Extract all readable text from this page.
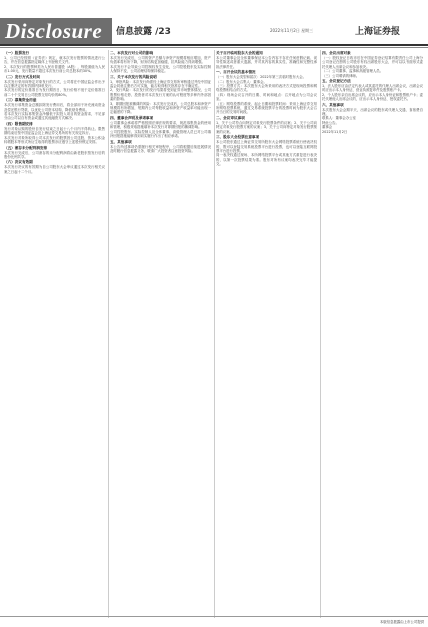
Disclosure	信息披露 /23	2022年11月2日 星期三	上海证券报

（一）股票发行

1、公司已经按照《证券法》规定，就本次发行股票的情况进行公告，并在信息披露指定媒体上刊登相关文件。

2、本次发行的股票种类为人民币普通股（A股），每股面值为人民币1.00元，发行数量不超过本次发行前公司总股本的30%。

（二）发行方式及时间

本次发行采用向特定对象发行的方式，公司将在中国证监会作出予以注册决定的有效期内择机发行。

本次发行的定价基准日为发行期首日，发行价格不低于定价基准日前二十个交易日公司股票交易均价的80%。

（三）募集资金用途

本次发行募集资金总额扣除发行费用后，将全部用于补充流动资金及偿还银行贷款，以优化公司资本结构，降低财务费用。

若本次发行实际募集资金净额低于拟投入项目的资金需求，不足部分由公司以自有资金或通过其他融资方式解决。

（四）限售期安排

发行对象认购的股份自发行结束之日起十八个月内不得转让。限售期结束后按中国证监会及上海证券交易所的有关规定执行。

本次发行对象所取得公司本次发行的股票因公司送股、资本公积金转增股本等形式所衍生取得的股票亦应遵守上述股份锁定安排。

（五）滚存未分配利润安排

本次发行完成后，公司滚存的未分配利润将由新老股东按发行后的股份比例共享。

（六）决议有效期

本次发行决议的有效期为自公司股东大会审议通过本次发行相关议案之日起十二个月。

二、本次发行对公司的影响

本次发行完成后，公司的资产总额与净资产规模将相应增加，资产负债率将有所下降，财务结构更加稳健，抗风险能力得到增强。

本次发行不会导致公司控制权发生变化，公司控股股东及实际控制人保持不变，公司治理结构保持稳定。

三、关于本次发行的风险说明

1、审批风险：本次发行尚需经上海证券交易所审核通过并经中国证监会同意注册后方可实施，能否取得相关批准存在不确定性。

2、发行风险：本次发行的发行结果将受到证券市场整体情况、公司股票价格走势、投资者对本次发行方案的认可程度等多种内外部因素的影响。

3、即期回报被摊薄的风险：本次发行完成后，公司总股本和净资产规模将有所增加，短期内公司每股收益和净资产收益率可能出现一定幅度的下降。

四、董事会声明及承诺事项

公司董事会承诺将严格按照法律法规的要求，规范募集资金的使用和管理，积极采取措施填补本次发行对即期回报的摊薄影响。

公司控股股东、实际控制人及全体董事、高级管理人员已对公司填补回报措施能够得到切实履行作出了相应承诺。

五、其他事项

本公告所述事项仍需履行相关审批程序，公司将根据后续进展情况及时履行信息披露义务，敬请广大投资者注意投资风险。

关于召开临时股东大会的通知

本公司董事会及全体董事保证本公告内容不存在任何虚假记载、误导性陈述或者重大遗漏，并对其内容的真实性、准确性和完整性承担法律责任。

一、召开会议的基本情况

（一）股东大会类型和届次：2022年第三次临时股东大会。

（二）股东大会召集人：董事会。

（三）投票方式：本次股东大会所采用的表决方式是现场投票和网络投票相结合的方式。

（四）现场会议召开的日期、时间和地点：召开地点为公司会议室。

（五）网络投票的系统、起止日期和投票时间：采用上海证券交易所网络投票系统，通过交易系统投票平台的投票时间为股东大会召开当日的交易时间段。

二、会议审议事项

1、关于公司符合向特定对象发行股票条件的议案；2、关于公司向特定对象发行股票方案的议案；3、关于公司向特定对象发行股票预案的议案。

三、股东大会投票注意事项

本公司股东通过上海证券交易所股东大会网络投票系统行使表决权的，既可以登陆交易系统投票平台进行投票，也可以登陆互联网投票平台进行投票。

同一表决权通过现场、本所网络投票平台或其他方式重复进行表决的，以第一次投票结果为准。股东对所有议案均表决完毕才能提交。

四、会议出席对象

（一）股权登记日收市后在中国证券登记结算有限责任公司上海分公司登记在册的公司股东有权出席股东大会，并可以以书面形式委托代理人出席会议和参加表决。

（二）公司董事、监事和高级管理人员。

（三）公司聘请的律师。

五、会议登记方法

1、法人股东应由法定代表人或其委托的代理人出席会议，出席会议时应出示本人身份证、营业执照复印件及股票账户卡。

2、个人股东亲自出席会议的，应出示本人身份证和股票账户卡；委托代理他人出席会议的，应出示本人身份证、授权委托书。

六、其他事项

本次股东大会会期半天，出席会议的股东或代理人交通、食宿费自理。

联系人：董事会办公室

特此公告。

董事会

2022年11月2日

本版信息披露由上市公司提供
